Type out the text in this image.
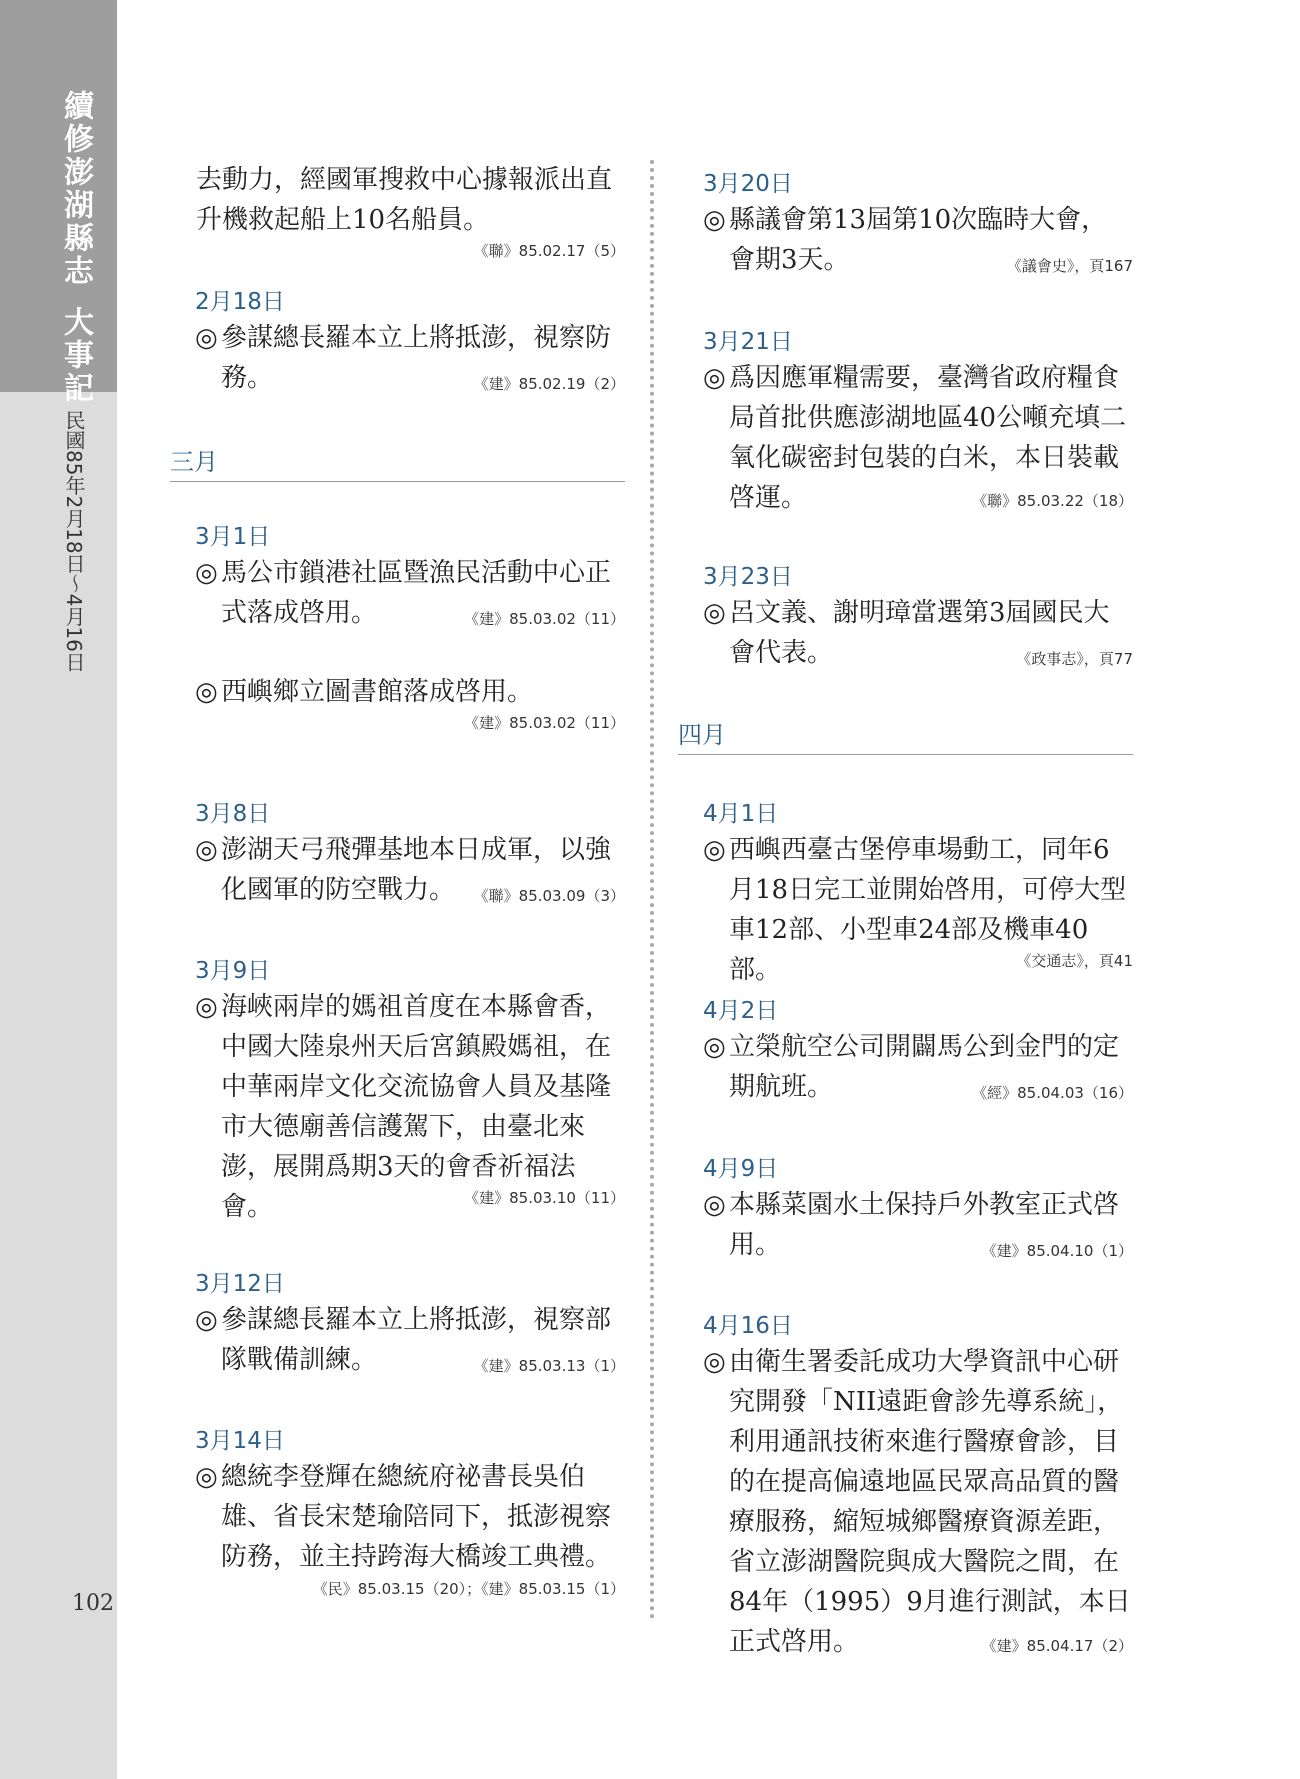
續修澎湖縣志大事記
民國85年2月18日～4月16日
102
去動力，經國軍搜救中心據報派出直升機救起船上10名船員。
《聯》85.02.17（5）
2月18日
◎ 參謀總長羅本立上將抵澎，視察防務。	《建》85.02.19（2）
三月
3月1日
◎ 馬公市鎖港社區暨漁民活動中心正式落成啓用。	《建》85.03.02（11）
◎ 西嶼鄉立圖書館落成啓用。
《建》85.03.02（11）
3月8日
◎ 澎湖天弓飛彈基地本日成軍，以強化國軍的防空戰力。	《聯》85.03.09（3）
3月9日
◎ 海峽兩岸的媽祖首度在本縣會香，中國大陸泉州天后宮鎮殿媽祖，在中華兩岸文化交流協會人員及基隆市大德廟善信護駕下，由臺北來澎，展開爲期3天的會香祈福法會。	《建》85.03.10（11）
3月12日
◎ 參謀總長羅本立上將抵澎，視察部隊戰備訓練。	《建》85.03.13（1）
3月14日
◎ 總統李登輝在總統府祕書長吳伯雄、省長宋楚瑜陪同下，抵澎視察防務，並主持跨海大橋竣工典禮。
《民》85.03.15（20）；《建》85.03.15（1）
3月20日
◎ 縣議會第13屆第10次臨時大會，會期3天。	《議會史》，頁167
3月21日
◎ 爲因應軍糧需要，臺灣省政府糧食局首批供應澎湖地區40公噸充填二氧化碳密封包裝的白米，本日裝載啓運。	《聯》85.03.22（18）
3月23日
◎ 呂文義、謝明璋當選第3屆國民大會代表。	《政事志》，頁77
四月
4月1日
◎ 西嶼西臺古堡停車場動工，同年6月18日完工並開始啓用，可停大型車12部、小型車24部及機車40部。	《交通志》，頁41
4月2日
◎ 立榮航空公司開闢馬公到金門的定期航班。	《經》85.04.03（16）
4月9日
◎ 本縣菜園水土保持戶外教室正式啓用。	《建》85.04.10（1）
4月16日
◎ 由衛生署委託成功大學資訊中心研究開發「NII遠距會診先導系統」，利用通訊技術來進行醫療會診，目的在提高偏遠地區民眾高品質的醫療服務，縮短城鄉醫療資源差距，省立澎湖醫院與成大醫院之間，在84年（1995）9月進行測試，本日正式啓用。	《建》85.04.17（2）
